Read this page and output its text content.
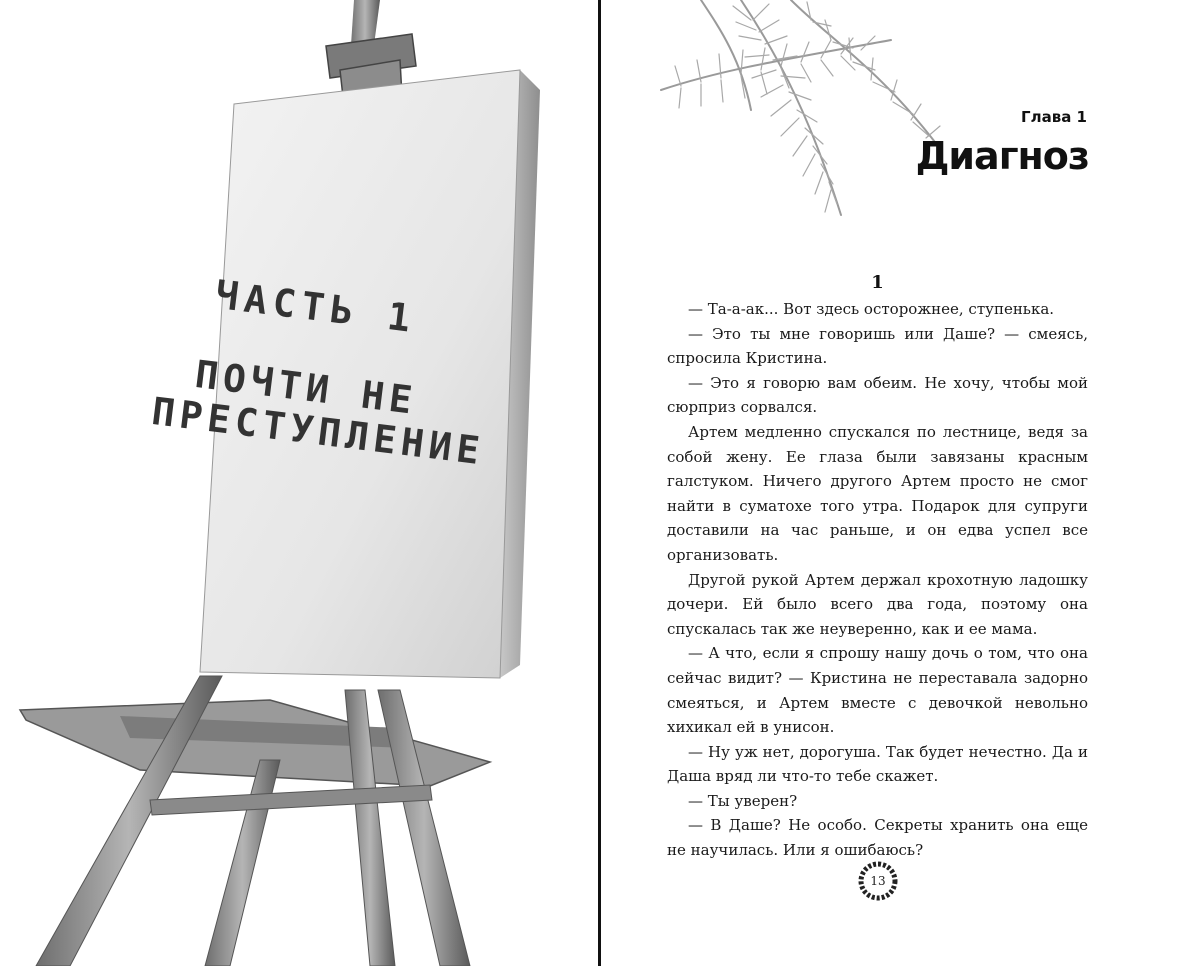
ЧАСТЬ 1
ПОЧТИ НЕ ПРЕСТУПЛЕНИЕ
Глава 1
Диагноз
1

— Та-а-ак... Вот здесь осторожнее, ступенька.

— Это ты мне говоришь или Даше? — смеясь, спросила Кристина.

— Это я говорю вам обеим. Не хочу, чтобы мой сюрприз сорвался.

Артем медленно спускался по лестнице, ведя за собой жену. Ее глаза были завязаны красным галстуком. Ничего другого Артем просто не смог найти в суматохе того утра. Подарок для супруги доставили на час раньше, и он едва успел все организовать.

Другой рукой Артем держал крохотную ладошку дочери. Ей было всего два года, поэтому она спускалась так же неуверенно, как и ее мама.

— А что, если я спрошу нашу дочь о том, что она сейчас видит? — Кристина не переставала задорно смеяться, и Артем вместе с девочкой невольно хихикал ей в унисон.

— Ну уж нет, дорогуша. Так будет нечестно. Да и Даша вряд ли что-то тебе скажет.

— Ты уверен?

— В Даше? Не особо. Секреты хранить она еще не научилась. Или я ошибаюсь?

13
